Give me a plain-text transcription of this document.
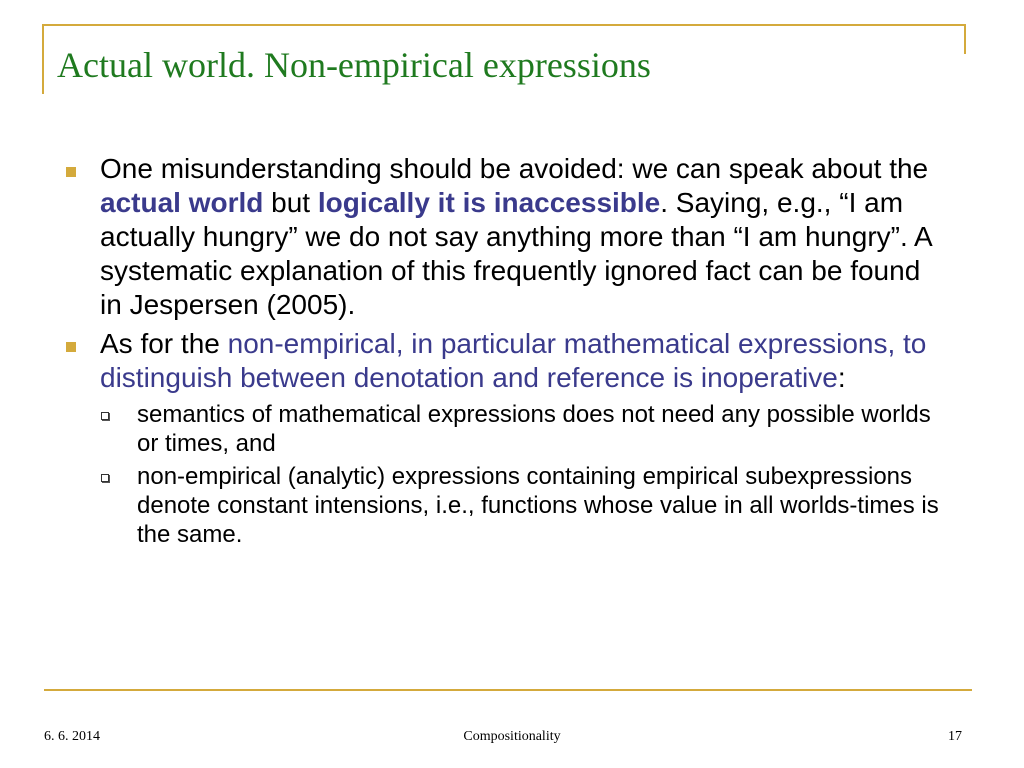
Actual world. Non-empirical expressions
One misunderstanding should be avoided: we can speak about the actual world but logically it is inaccessible. Saying, e.g., “I am actually hungry” we do not say anything more than “I am hungry”. A systematic explanation of this frequently ignored fact can be found in Jespersen (2005).
As for the non-empirical, in particular mathematical expressions, to distinguish between denotation and reference is inoperative:
semantics of mathematical expressions does not need any possible worlds or times, and
non-empirical (analytic) expressions containing empirical subexpressions denote constant intensions, i.e., functions whose value in all worlds-times is the same.
6. 6. 2014	Compositionality	17
